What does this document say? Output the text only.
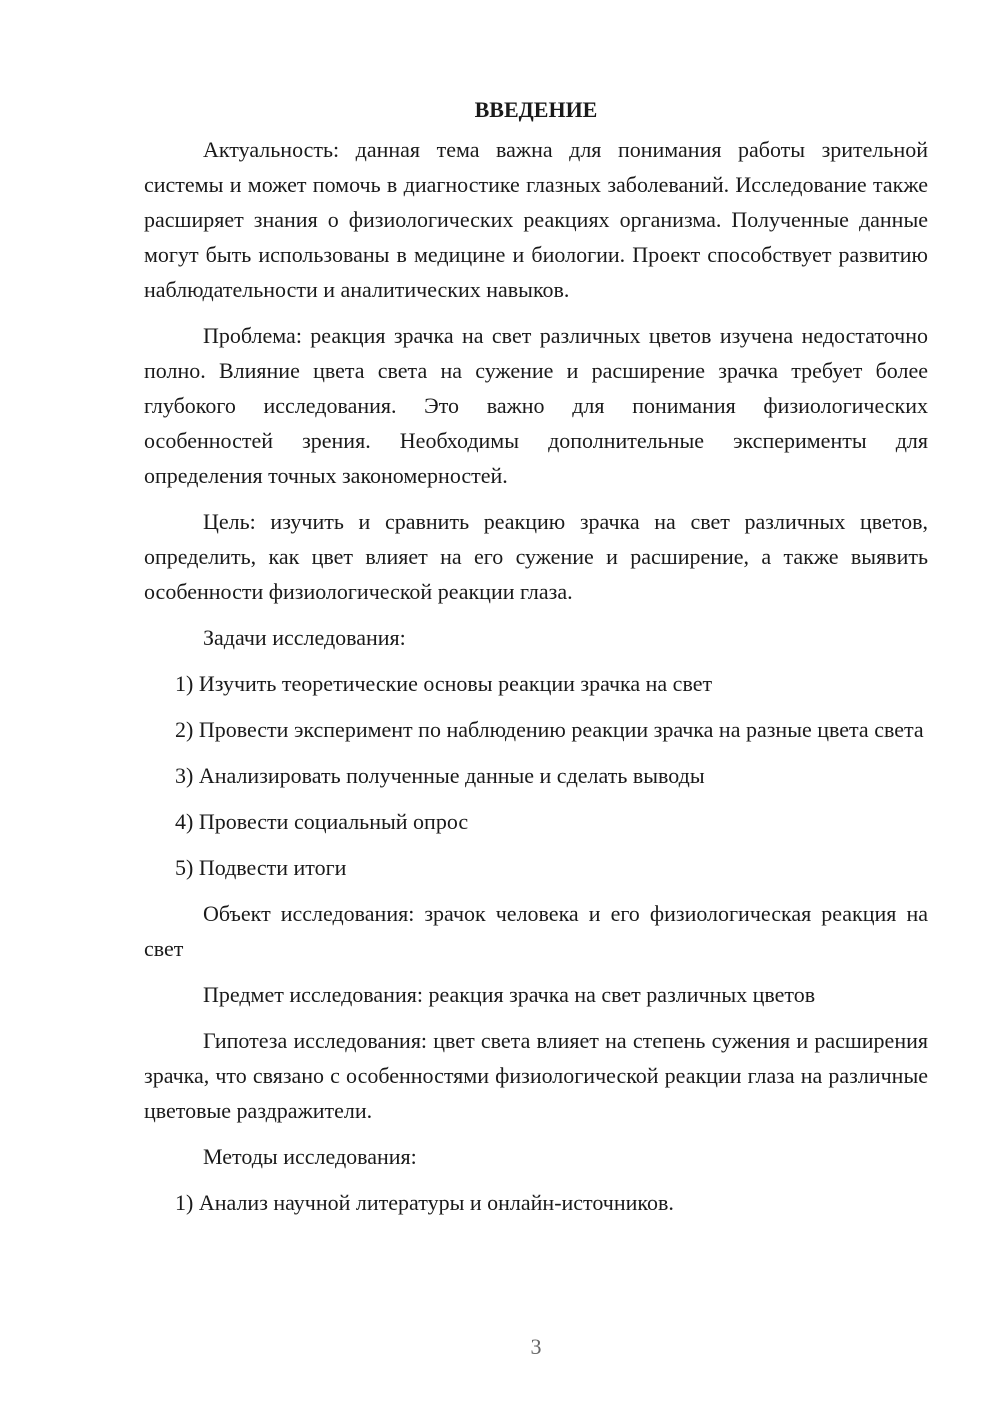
ВВЕДЕНИЕ

Актуальность: данная тема важна для понимания работы зрительной системы и может помочь в диагностике глазных заболеваний. Исследование также расширяет знания о физиологических реакциях организма. Полученные данные могут быть использованы в медицине и биологии. Проект способствует развитию наблюдательности и аналитических навыков.

Проблема: реакция зрачка на свет различных цветов изучена недостаточно полно. Влияние цвета света на сужение и расширение зрачка требует более глубокого исследования. Это важно для понимания физиологических особенностей зрения. Необходимы дополнительные эксперименты для определения точных закономерностей.

Цель: изучить и сравнить реакцию зрачка на свет различных цветов, определить, как цвет влияет на его сужение и расширение, а также выявить особенности физиологической реакции глаза.

Задачи исследования:

1) Изучить теоретические основы реакции зрачка на свет

2) Провести эксперимент по наблюдению реакции зрачка на разные цвета света

3) Анализировать полученные данные и сделать выводы

4) Провести социальный опрос

5) Подвести итоги

Объект исследования: зрачок человека и его физиологическая реакция на свет

Предмет исследования: реакция зрачка на свет различных цветов

Гипотеза исследования: цвет света влияет на степень сужения и расширения зрачка, что связано с особенностями физиологической реакции глаза на различные цветовые раздражители.

Методы исследования:

1) Анализ научной литературы и онлайн-источников.

3
